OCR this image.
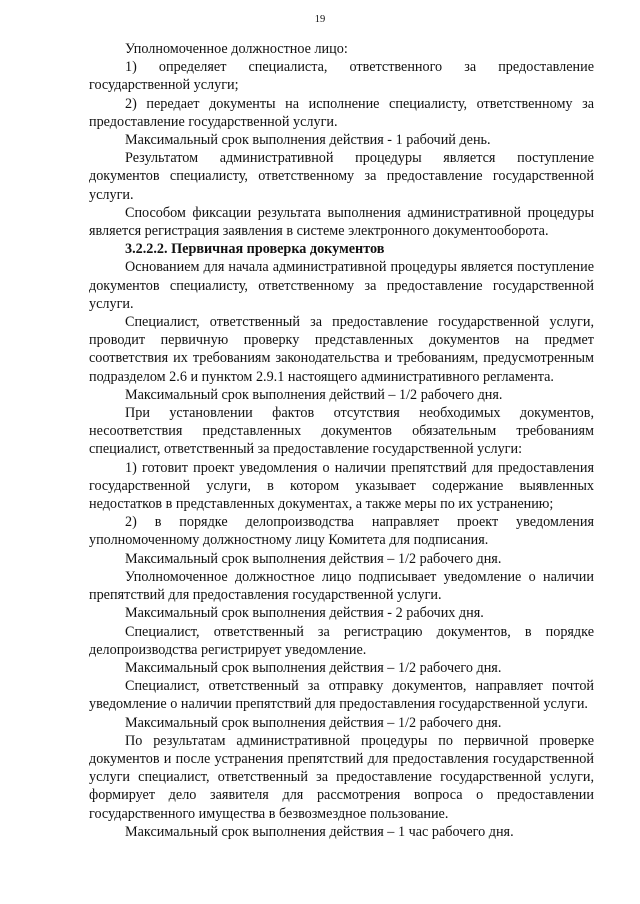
19

Уполномоченное должностное лицо:

1) определяет специалиста, ответственного за предоставление государственной услуги;

2) передает документы на исполнение специалисту, ответственному за предоставление государственной услуги.

Максимальный срок выполнения действия - 1 рабочий день.

Результатом административной процедуры является поступление документов специалисту, ответственному за предоставление государственной услуги.

Способом фиксации результата выполнения административной процедуры является регистрация заявления в системе электронного документооборота.

3.2.2.2. Первичная проверка документов

Основанием для начала административной процедуры является поступление документов специалисту, ответственному за предоставление государственной услуги.

Специалист, ответственный за предоставление государственной услуги, проводит первичную проверку представленных документов на предмет соответствия их требованиям законодательства и требованиям, предусмотренным подразделом 2.6 и пунктом 2.9.1 настоящего административного регламента.

Максимальный срок выполнения действий – 1/2 рабочего дня.

При установлении фактов отсутствия необходимых документов, несоответствия представленных документов обязательным требованиям специалист, ответственный за предоставление государственной услуги:

1) готовит проект уведомления о наличии препятствий для предоставления государственной услуги, в котором указывает содержание выявленных недостатков в представленных документах, а также меры по их устранению;

2) в порядке делопроизводства направляет проект уведомления уполномоченному должностному лицу Комитета для подписания.

Максимальный срок выполнения действия – 1/2 рабочего дня.

Уполномоченное должностное лицо подписывает уведомление о наличии препятствий для предоставления государственной услуги.

Максимальный срок выполнения действия - 2 рабочих дня.

Специалист, ответственный за регистрацию документов, в порядке делопроизводства регистрирует уведомление.

Максимальный срок выполнения действия – 1/2 рабочего дня.

Специалист, ответственный за отправку документов, направляет почтой уведомление о наличии препятствий для предоставления государственной услуги.

Максимальный срок выполнения действия – 1/2 рабочего дня.

По результатам административной процедуры по первичной проверке документов и после устранения препятствий для предоставления государственной услуги специалист, ответственный за предоставление государственной услуги, формирует дело заявителя для рассмотрения вопроса о предоставлении государственного имущества в безвозмездное пользование.

Максимальный срок выполнения действия – 1 час рабочего дня.
